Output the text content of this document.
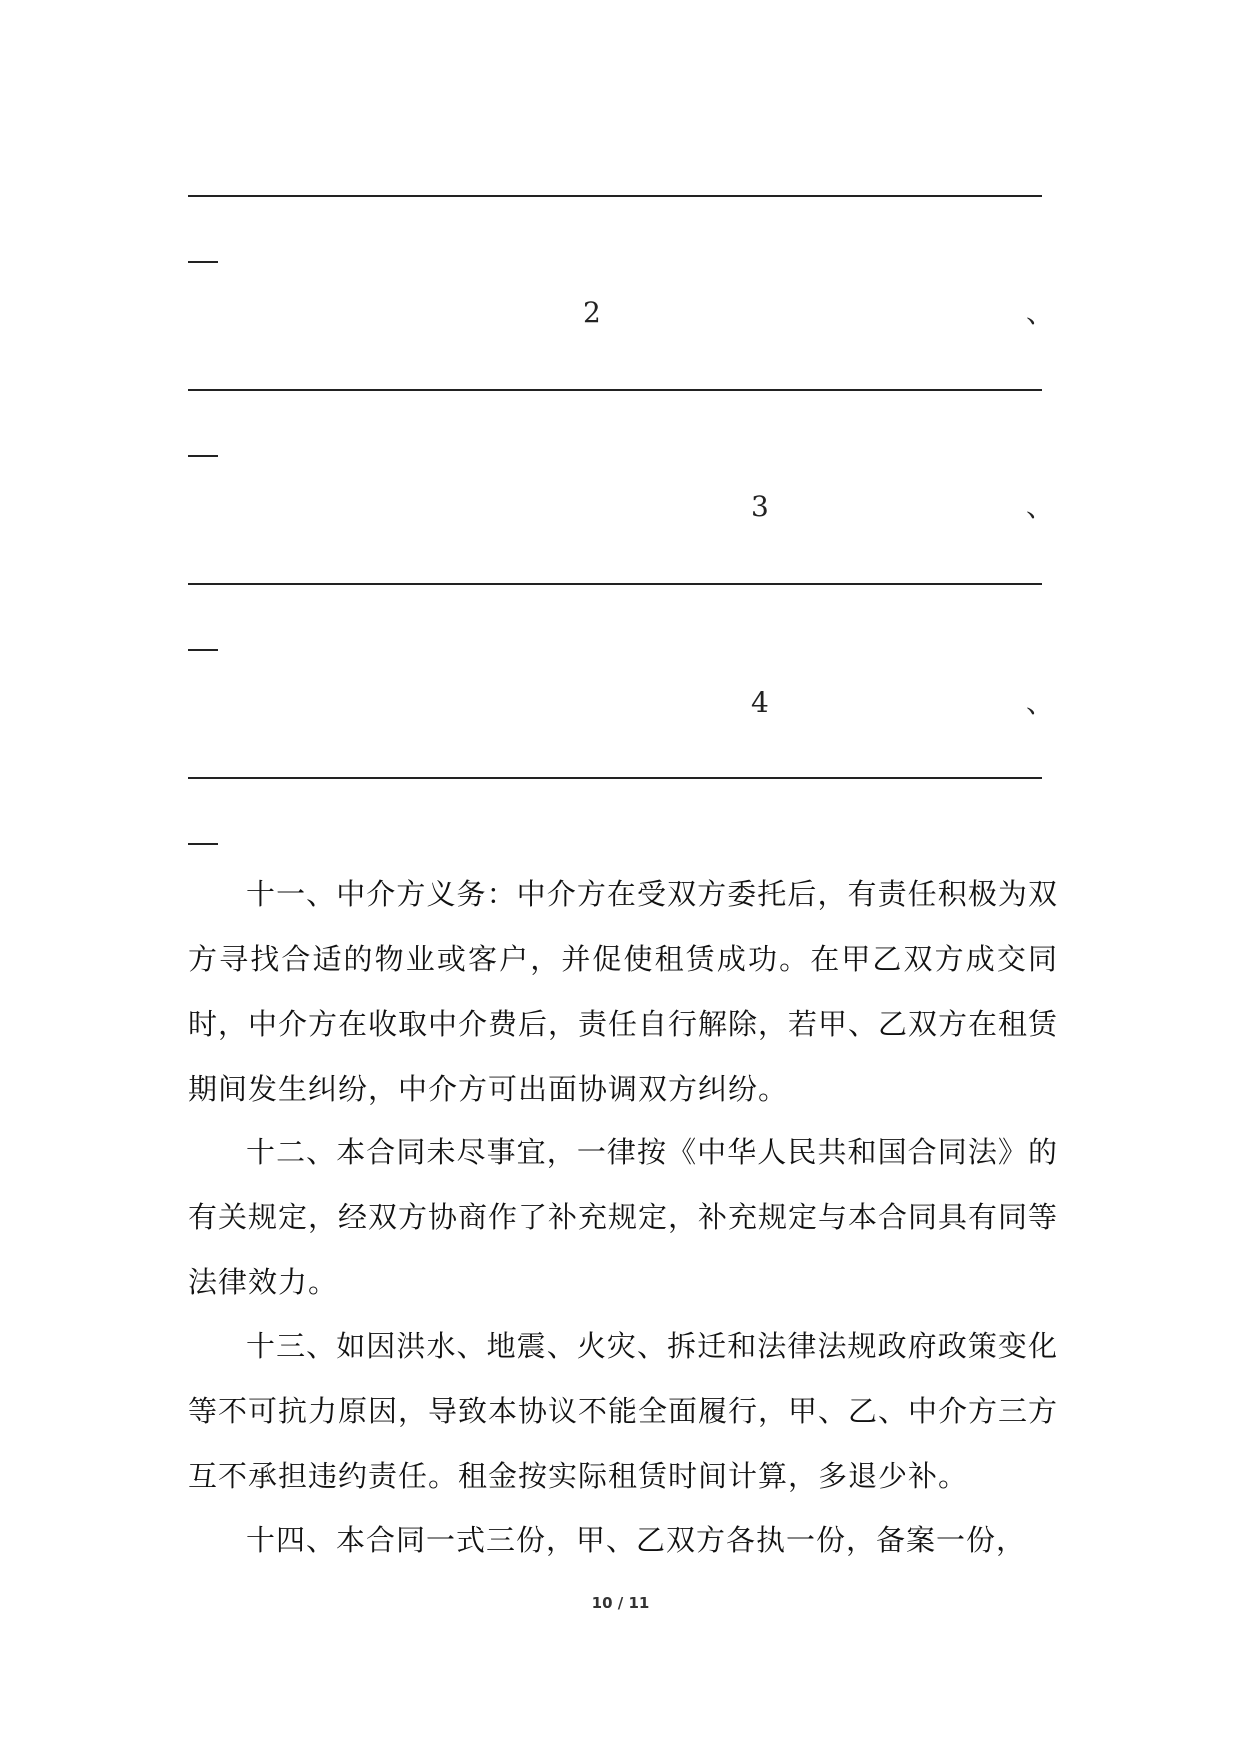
2	、
3	、
4	、

十一、中介方义务：中介方在受双方委托后，有责任积极为双方寻找合适的物业或客户，并促使租赁成功。在甲乙双方成交同时，中介方在收取中介费后，责任自行解除，若甲、乙双方在租赁期间发生纠纷，中介方可出面协调双方纠纷。

十二、本合同未尽事宜，一律按《中华人民共和国合同法》的有关规定，经双方协商作了补充规定，补充规定与本合同具有同等法律效力。

十三、如因洪水、地震、火灾、拆迁和法律法规政府政策变化等不可抗力原因，导致本协议不能全面履行，甲、乙、中介方三方互不承担违约责任。租金按实际租赁时间计算，多退少补。

十四、本合同一式三份，甲、乙双方各执一份，备案一份，

10 / 11
